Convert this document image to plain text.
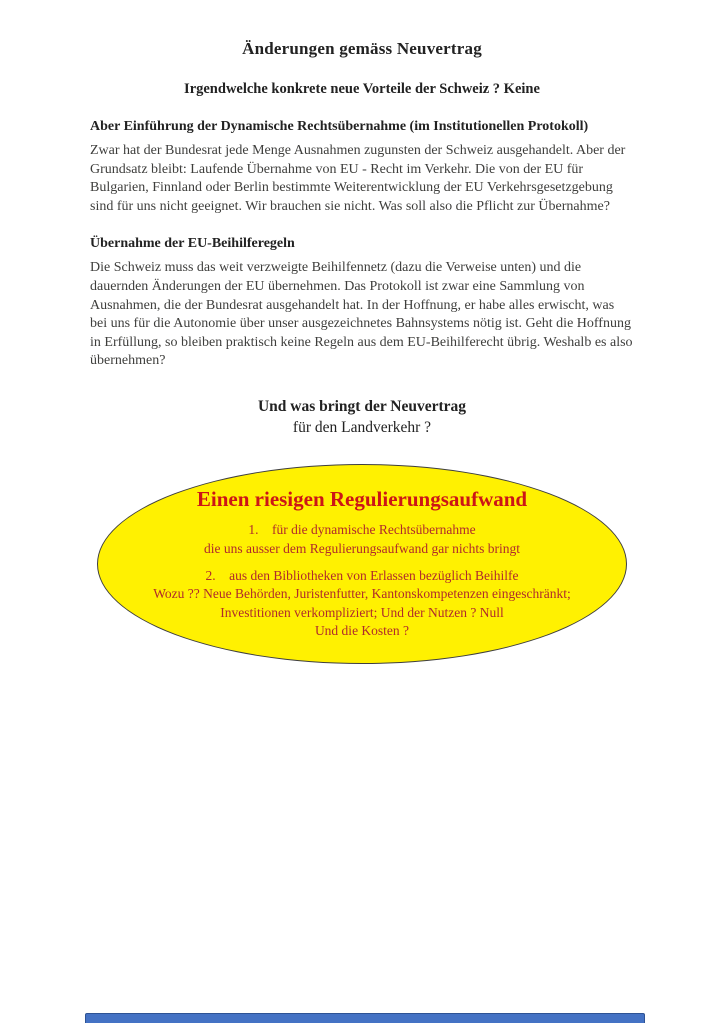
Änderungen gemäss Neuvertrag
Irgendwelche konkrete neue Vorteile der Schweiz ? Keine
Aber Einführung der Dynamische Rechtsübernahme (im Institutionellen Protokoll)

Zwar hat der Bundesrat jede Menge Ausnahmen zugunsten der Schweiz ausgehandelt. Aber der Grundsatz bleibt: Laufende Übernahme von EU - Recht im Verkehr. Die von der EU für Bulgarien, Finnland oder Berlin bestimmte Weiterentwicklung der EU Verkehrsgesetzgebung sind für uns nicht geeignet. Wir brauchen sie nicht. Was soll also die Pflicht zur Übernahme?

Übernahme der EU-Beihilferegeln

Die Schweiz muss das weit verzweigte Beihilfennetz (dazu die Verweise unten) und die dauernden Änderungen der EU übernehmen. Das Protokoll ist zwar eine Sammlung von Ausnahmen, die der Bundesrat ausgehandelt hat. In der Hoffnung, er habe alles erwischt, was bei uns für die Autonomie über unser ausgezeichnetes Bahnsystems nötig ist. Geht die Hoffnung in Erfüllung, so bleiben praktisch keine Regeln aus dem EU-Beihilferecht übrig. Weshalb es also übernehmen?

Und was bringt der Neuvertrag
für den Landverkehr ?
Einen riesigen Regulierungsaufwand
1. für die dynamische Rechtsübernahme
die uns ausser dem Regulierungsaufwand gar nichts bringt
2. aus den Bibliotheken von Erlassen bezüglich Beihilfe
Wozu ?? Neue Behörden, Juristenfutter, Kantonskompetenzen eingeschränkt;
Investitionen verkompliziert; Und der Nutzen ? Null
Und die Kosten ?
